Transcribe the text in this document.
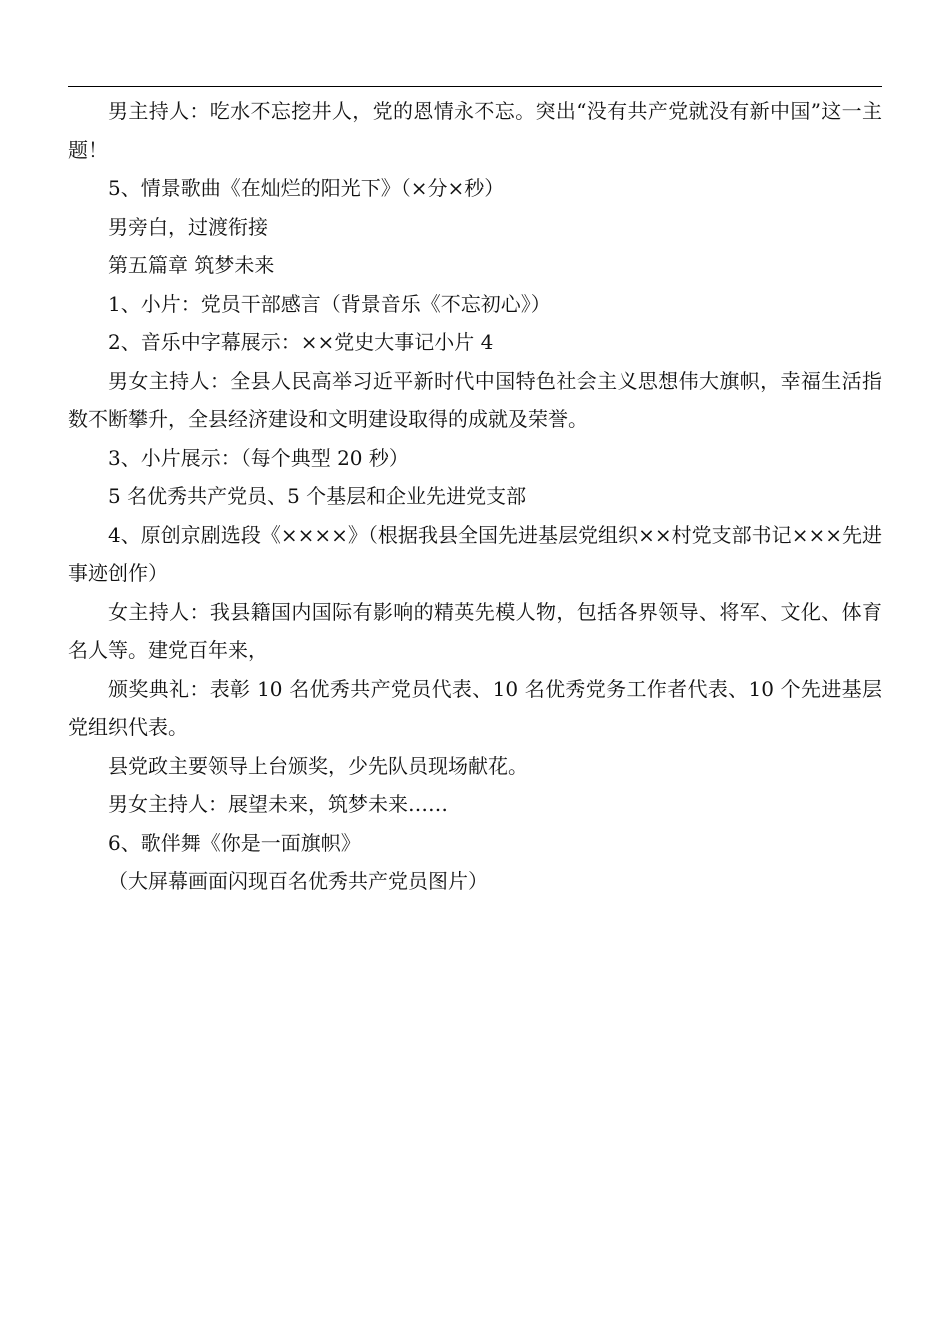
男主持人：吃水不忘挖井人，党的恩情永不忘。突出“没有共产党就没有新中国”这一主题！

5、情景歌曲《在灿烂的阳光下》（×分×秒）

男旁白，过渡衔接

第五篇章 筑梦未来

1、小片：党员干部感言（背景音乐《不忘初心》）

2、音乐中字幕展示：××党史大事记小片 4

男女主持人：全县人民高举习近平新时代中国特色社会主义思想伟大旗帜，幸福生活指数不断攀升，全县经济建设和文明建设取得的成就及荣誉。

3、小片展示：（每个典型 20 秒）

5 名优秀共产党员、5 个基层和企业先进党支部

4、原创京剧选段《××××》（根据我县全国先进基层党组织××村党支部书记×××先进事迹创作）

女主持人：我县籍国内国际有影响的精英先模人物，包括各界领导、将军、文化、体育名人等。建党百年来，

颁奖典礼：表彰 10 名优秀共产党员代表、10 名优秀党务工作者代表、10 个先进基层党组织代表。

县党政主要领导上台颁奖，少先队员现场献花。

男女主持人：展望未来，筑梦未来……

6、歌伴舞《你是一面旗帜》

（大屏幕画面闪现百名优秀共产党员图片）
